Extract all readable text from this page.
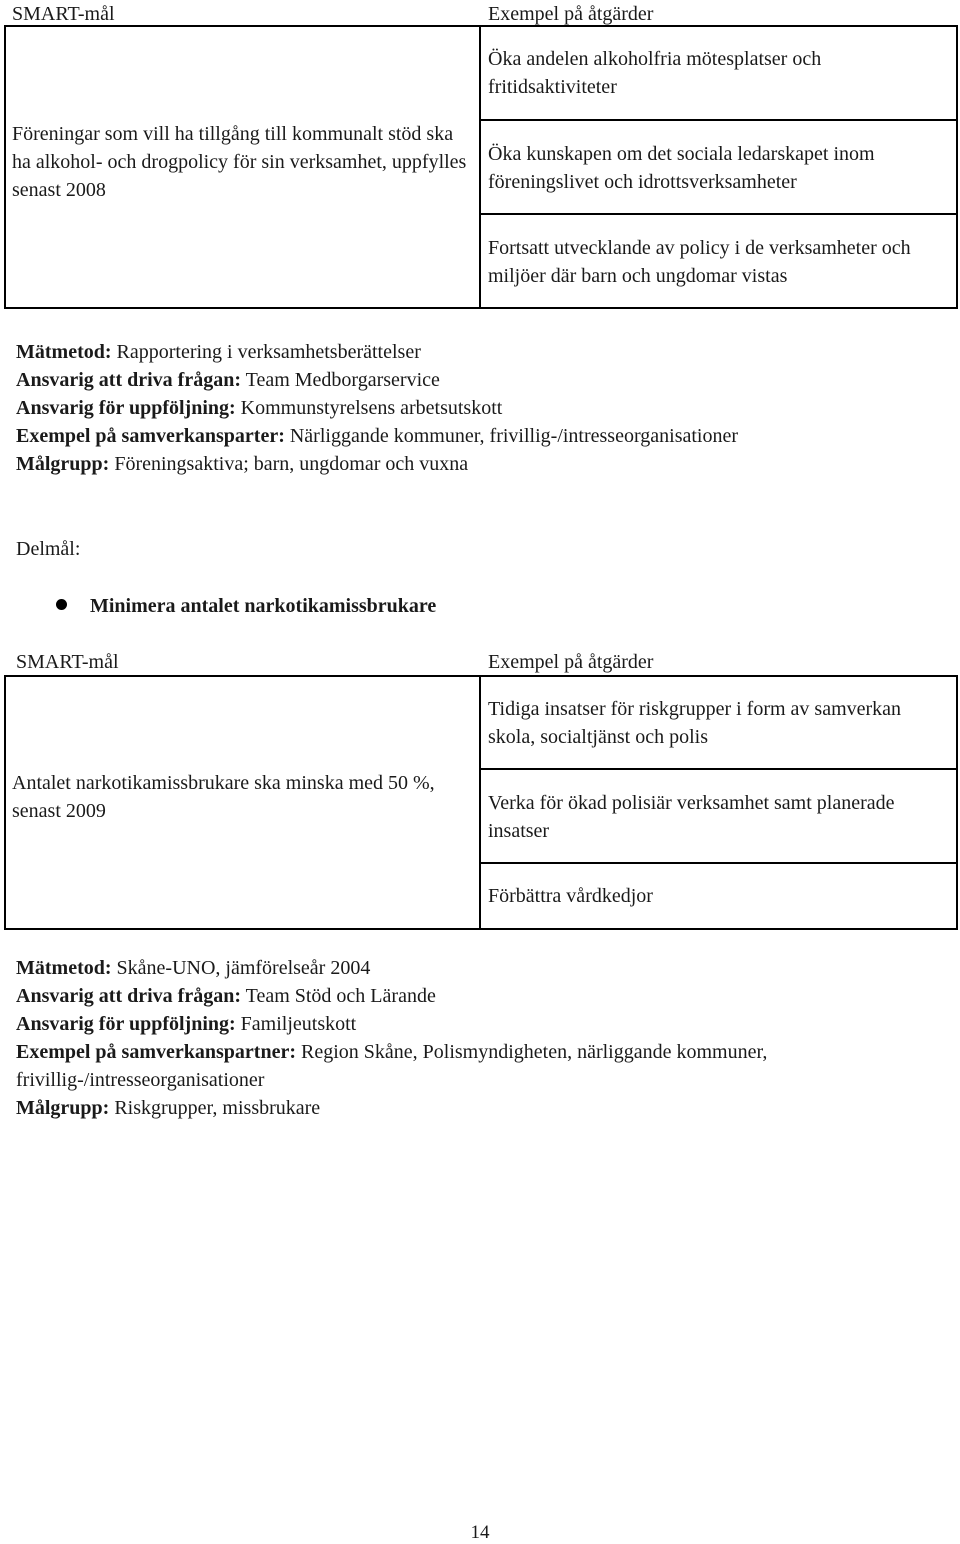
SMART-mål	Exempel på åtgärder
Föreningar som vill ha tillgång till kommunalt stöd ska ha alkohol- och drogpolicy för sin verksamhet, uppfylles senast 2008
Öka andelen alkoholfria mötesplatser och fritidsaktiviteter
Öka kunskapen om det sociala ledarskapet inom föreningslivet och idrottsverksamheter
Fortsatt utvecklande av policy i de verksamheter och miljöer där barn och ungdomar vistas
Mätmetod: Rapportering i verksamhetsberättelser
Ansvarig att driva frågan: Team Medborgarservice
Ansvarig för uppföljning: Kommunstyrelsens arbetsutskott
Exempel på samverkansparter: Närliggande kommuner, frivillig-/intresseorganisationer
Målgrupp: Föreningsaktiva; barn, ungdomar och vuxna
Delmål:
Minimera antalet narkotikamissbrukare
SMART-mål	Exempel på åtgärder
Antalet narkotikamissbrukare ska minska med 50 %, senast 2009
Tidiga insatser för riskgrupper i form av samverkan skola, socialtjänst och polis
Verka för ökad polisiär verksamhet samt planerade insatser
Förbättra vårdkedjor
Mätmetod: Skåne-UNO, jämförelseår 2004
Ansvarig att driva frågan: Team Stöd och Lärande
Ansvarig för uppföljning: Familjeutskott
Exempel på samverkanspartner: Region Skåne, Polismyndigheten, närliggande kommuner, frivillig-/intresseorganisationer
Målgrupp: Riskgrupper, missbrukare
14
